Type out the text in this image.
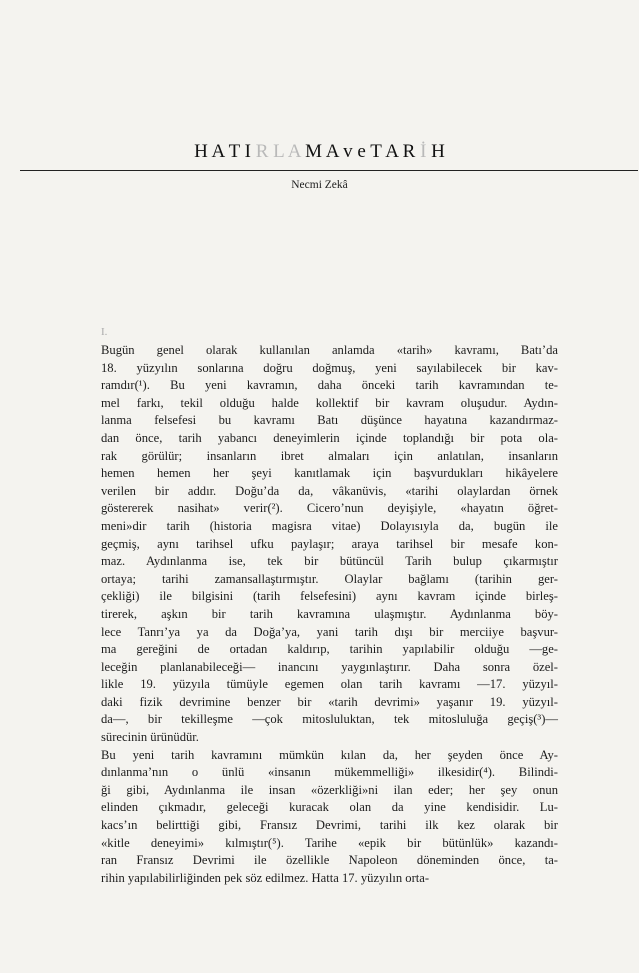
H A T I R L A M A v e T A R İ H
Necmi Zekâ
I.
Bugün genel olarak kullanılan anlamda «tarih» kavramı, Batı’da
18. yüzyılın sonlarına doğru doğmuş, yeni sayılabilecek bir kav-
ramdır(¹). Bu yeni kavramın, daha önceki tarih kavramından te-
mel farkı, tekil olduğu halde kollektif bir kavram oluşudur. Aydın-
lanma felsefesi bu kavramı Batı düşünce hayatına kazandırmaz-
dan önce, tarih yabancı deneyimlerin içinde toplandığı bir pota ola-
rak görülür; insanların ibret almaları için anlatılan, insanların
hemen hemen her şeyi kanıtlamak için başvurdukları hikâyelere
verilen bir addır. Doğu’da da, vâkanüvis, «tarihi olaylardan örnek
göstererek nasihat» verir(²). Cicero’nun deyişiyle, «hayatın öğret-
meni»dir tarih (historia magisra vitae) Dolayısıyla da, bugün ile
geçmiş, aynı tarihsel ufku paylaşır; araya tarihsel bir mesafe kon-
maz. Aydınlanma ise, tek bir bütüncül Tarih bulup çıkarmıştır
ortaya; tarihi zamansallaştırmıştır. Olaylar bağlamı (tarihin ger-
çekliği) ile bilgisini (tarih felsefesini) aynı kavram içinde birleş-
tirerek, aşkın bir tarih kavramına ulaşmıştır. Aydınlanma böy-
lece Tanrı’ya ya da Doğa’ya, yani tarih dışı bir merciiye başvur-
ma gereğini de ortadan kaldırıp, tarihin yapılabilir olduğu —ge-
leceğin planlanabileceği— inancını yaygınlaştırır. Daha sonra özel-
likle 19. yüzyıla tümüyle egemen olan tarih kavramı —17. yüzyıl-
daki fizik devrimine benzer bir «tarih devrimi» yaşanır 19. yüzyıl-
da—, bir tekilleşme —çok mitosluluktan, tek mitosluluğa geçiş(³)—
sürecinin ürünüdür.
Bu yeni tarih kavramını mümkün kılan da, her şeyden önce Ay-
dınlanma’nın o ünlü «insanın mükemmelliği» ilkesidir(⁴). Bilindi-
ği gibi, Aydınlanma ile insan «özerkliği»ni ilan eder; her şey onun
elinden çıkmadır, geleceği kuracak olan da yine kendisidir. Lu-
kacs’ın belirttiği gibi, Fransız Devrimi, tarihi ilk kez olarak bir
«kitle deneyimi» kılmıştır(⁵). Tarihe «epik bir bütünlük» kazandı-
ran Fransız Devrimi ile özellikle Napoleon döneminden önce, ta-
rihin yapılabilirliğinden pek söz edilmez. Hatta 17. yüzyılın orta-
